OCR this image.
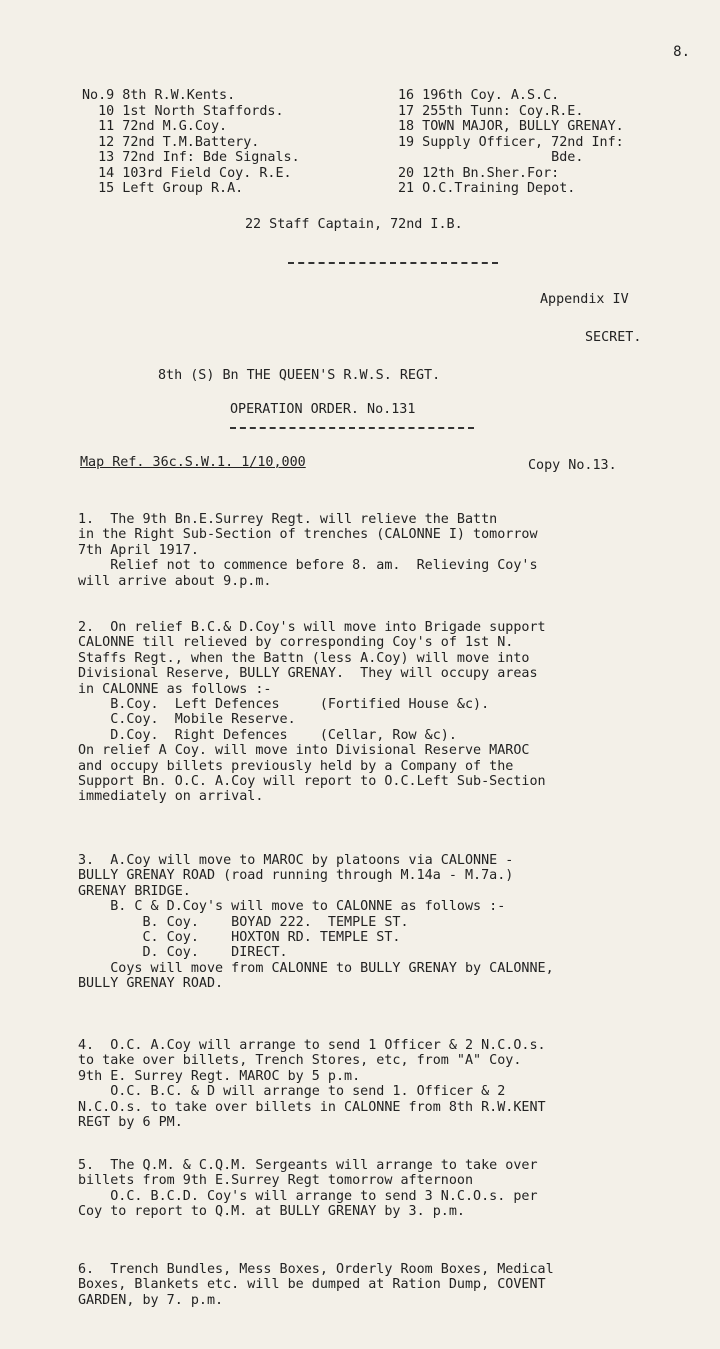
8.
No.9 8th R.W.Kents.
10 1st North Staffords.
11 72nd M.G.Coy.
12 72nd T.M.Battery.
13 72nd Inf: Bde Signals.
14 103rd Field Coy. R.E.
15 Left Group R.A.
16 196th Coy. A.S.C.
17 255th Tunn: Coy.R.E.
18 TOWN MAJOR, BULLY GRENAY.
19 Supply Officer, 72nd Inf:
Bde.
20 12th Bn.Sher.For:
21 O.C.Training Depot.
22 Staff Captain, 72nd I.B.
Appendix IV
SECRET.
8th (S) Bn THE QUEEN'S R.W.S. REGT.
OPERATION ORDER. No.131
Map Ref. 36c.S.W.1. 1/10,000	Copy No.13.
1.  The 9th Bn.E.Surrey Regt. will relieve the Battn
in the Right Sub-Section of trenches (CALONNE I) tomorrow
7th April 1917.
Relief not to commence before 8. am.  Relieving Coy's
will arrive about 9.p.m.
2.  On relief B.C.& D.Coy's will move into Brigade support
CALONNE till relieved by corresponding Coy's of 1st N.
Staffs Regt., when the Battn (less A.Coy) will move into
Divisional Reserve, BULLY GRENAY.  They will occupy areas
in CALONNE as follows :-
B.Coy.  Left Defences     (Fortified House &c).
C.Coy.  Mobile Reserve.
D.Coy.  Right Defences    (Cellar, Row &c).
On relief A Coy. will move into Divisional Reserve MAROC
and occupy billets previously held by a Company of the
Support Bn. O.C. A.Coy will report to O.C.Left Sub-Section
immediately on arrival.
3.  A.Coy will move to MAROC by platoons via CALONNE -
BULLY GRENAY ROAD (road running through M.14a - M.7a.)
GRENAY BRIDGE.
B. C & D.Coy's will move to CALONNE as follows :-
B. Coy.    BOYAD 222.  TEMPLE ST.
C. Coy.    HOXTON RD. TEMPLE ST.
D. Coy.    DIRECT.
Coys will move from CALONNE to BULLY GRENAY by CALONNE,
BULLY GRENAY ROAD.
4.  O.C. A.Coy will arrange to send 1 Officer & 2 N.C.O.s.
to take over billets, Trench Stores, etc, from "A" Coy.
9th E. Surrey Regt. MAROC by 5 p.m.
O.C. B.C. & D will arrange to send 1. Officer & 2
N.C.O.s. to take over billets in CALONNE from 8th R.W.KENT
REGT by 6 PM.
5.  The Q.M. & C.Q.M. Sergeants will arrange to take over
billets from 9th E.Surrey Regt tomorrow afternoon
O.C. B.C.D. Coy's will arrange to send 3 N.C.O.s. per
Coy to report to Q.M. at BULLY GRENAY by 3. p.m.
6.  Trench Bundles, Mess Boxes, Orderly Room Boxes, Medical
Boxes, Blankets etc. will be dumped at Ration Dump, COVENT
GARDEN, by 7. p.m.
